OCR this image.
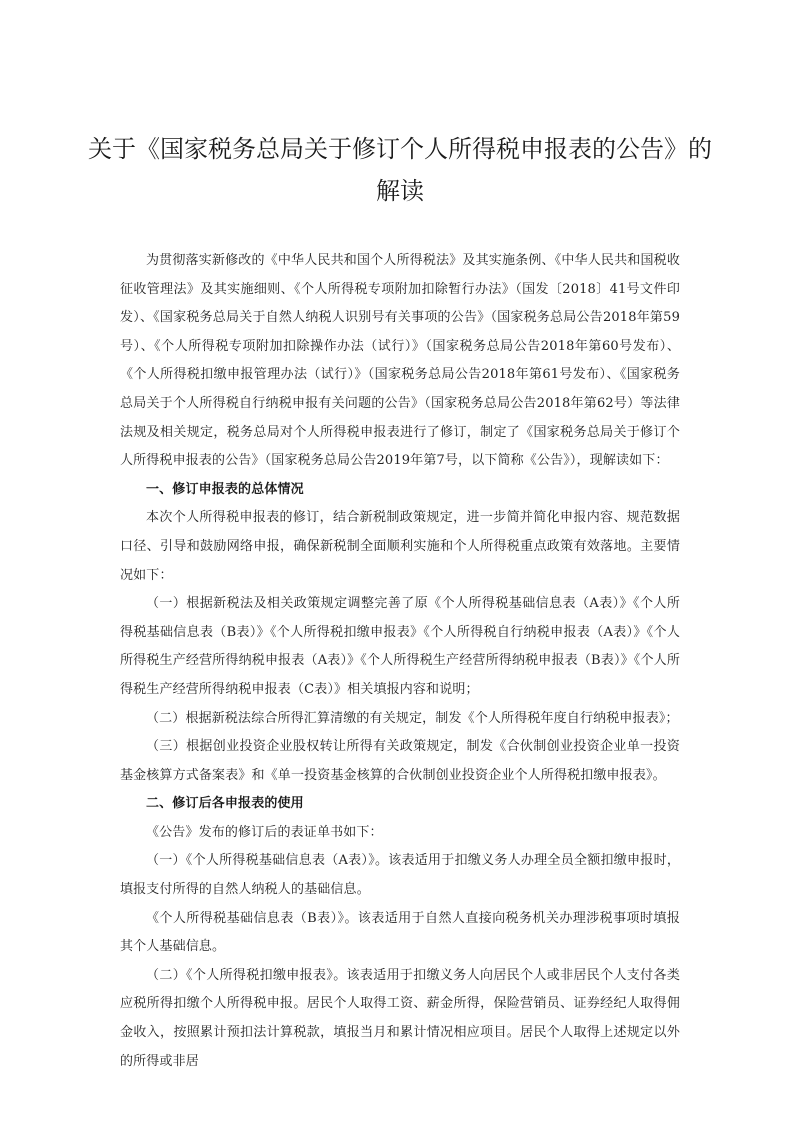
关于《国家税务总局关于修订个人所得税申报表的公告》的
解读

为贯彻落实新修改的《中华人民共和国个人所得税法》及其实施条例、《中华人民共和国税收征收管理法》及其实施细则、《个人所得税专项附加扣除暂行办法》（国发〔2018〕41号文件印发）、《国家税务总局关于自然人纳税人识别号有关事项的公告》（国家税务总局公告2018年第59号）、《个人所得税专项附加扣除操作办法（试行）》（国家税务总局公告2018年第60号发布）、《个人所得税扣缴申报管理办法（试行）》（国家税务总局公告2018年第61号发布）、《国家税务总局关于个人所得税自行纳税申报有关问题的公告》（国家税务总局公告2018年第62号）等法律法规及相关规定，税务总局对个人所得税申报表进行了修订，制定了《国家税务总局关于修订个人所得税申报表的公告》（国家税务总局公告2019年第7号，以下简称《公告》），现解读如下：

一、修订申报表的总体情况

本次个人所得税申报表的修订，结合新税制政策规定，进一步简并简化申报内容、规范数据口径、引导和鼓励网络申报，确保新税制全面顺利实施和个人所得税重点政策有效落地。主要情况如下：

（一）根据新税法及相关政策规定调整完善了原《个人所得税基础信息表（A表）》《个人所得税基础信息表（B表）》《个人所得税扣缴申报表》《个人所得税自行纳税申报表（A表）》《个人所得税生产经营所得纳税申报表（A表）》《个人所得税生产经营所得纳税申报表（B表）》《个人所得税生产经营所得纳税申报表（C表）》相关填报内容和说明；

（二）根据新税法综合所得汇算清缴的有关规定，制发《个人所得税年度自行纳税申报表》；

（三）根据创业投资企业股权转让所得有关政策规定，制发《合伙制创业投资企业单一投资基金核算方式备案表》和《单一投资基金核算的合伙制创业投资企业个人所得税扣缴申报表》。

二、修订后各申报表的使用

《公告》发布的修订后的表证单书如下：

（一）《个人所得税基础信息表（A表）》。该表适用于扣缴义务人办理全员全额扣缴申报时，填报支付所得的自然人纳税人的基础信息。

《个人所得税基础信息表（B表）》。该表适用于自然人直接向税务机关办理涉税事项时填报其个人基础信息。

（二）《个人所得税扣缴申报表》。该表适用于扣缴义务人向居民个人或非居民个人支付各类应税所得扣缴个人所得税申报。居民个人取得工资、薪金所得，保险营销员、证券经纪人取得佣金收入，按照累计预扣法计算税款，填报当月和累计情况相应项目。居民个人取得上述规定以外的所得或非居
